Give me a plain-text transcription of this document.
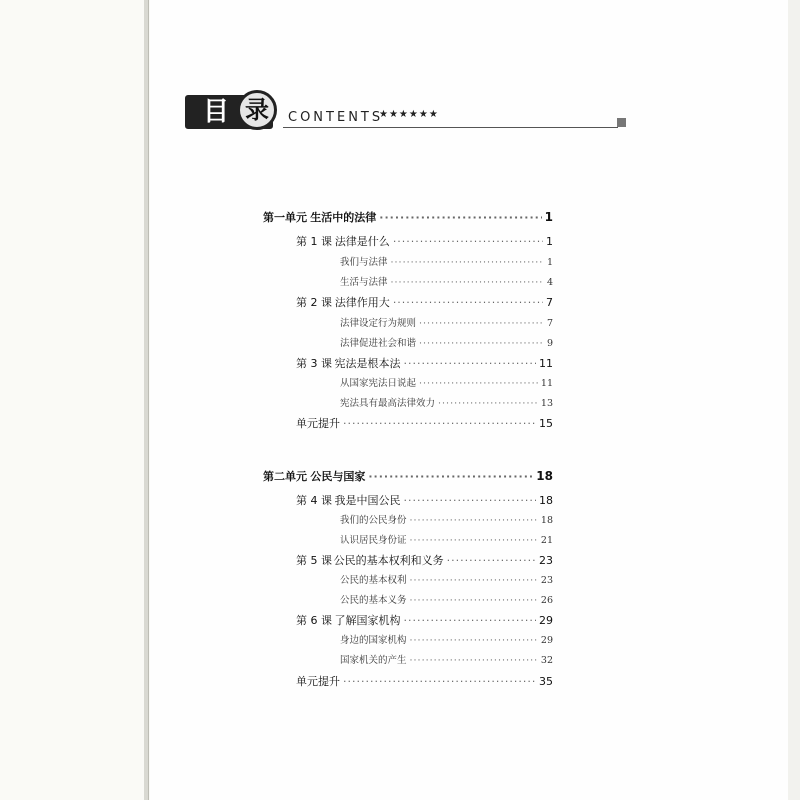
目 录	CONTENTS
★★★★★★
第一单元 生活中的法律 ·····	1
第 1 课 法律是什么 ·····	1
我们与法律 ·····	1
生活与法律 ·····	4
第 2 课 法律作用大 ·····	7
法律设定行为规则 ·····	7
法律促进社会和谐 ·····	9
第 3 课 宪法是根本法 ·····	11
从国家宪法日说起 ·····	11
宪法具有最高法律效力 ·····	13
单元提升 ·····	15
第二单元 公民与国家 ·····	18
第 4 课 我是中国公民 ·····	18
我们的公民身份 ·····	18
认识居民身份证 ·····	21
第 5 课 公民的基本权利和义务 ·····	23
公民的基本权利 ·····	23
公民的基本义务 ·····	26
第 6 课 了解国家机构 ·····	29
身边的国家机构 ·····	29
国家机关的产生 ·····	32
单元提升 ·····	35
